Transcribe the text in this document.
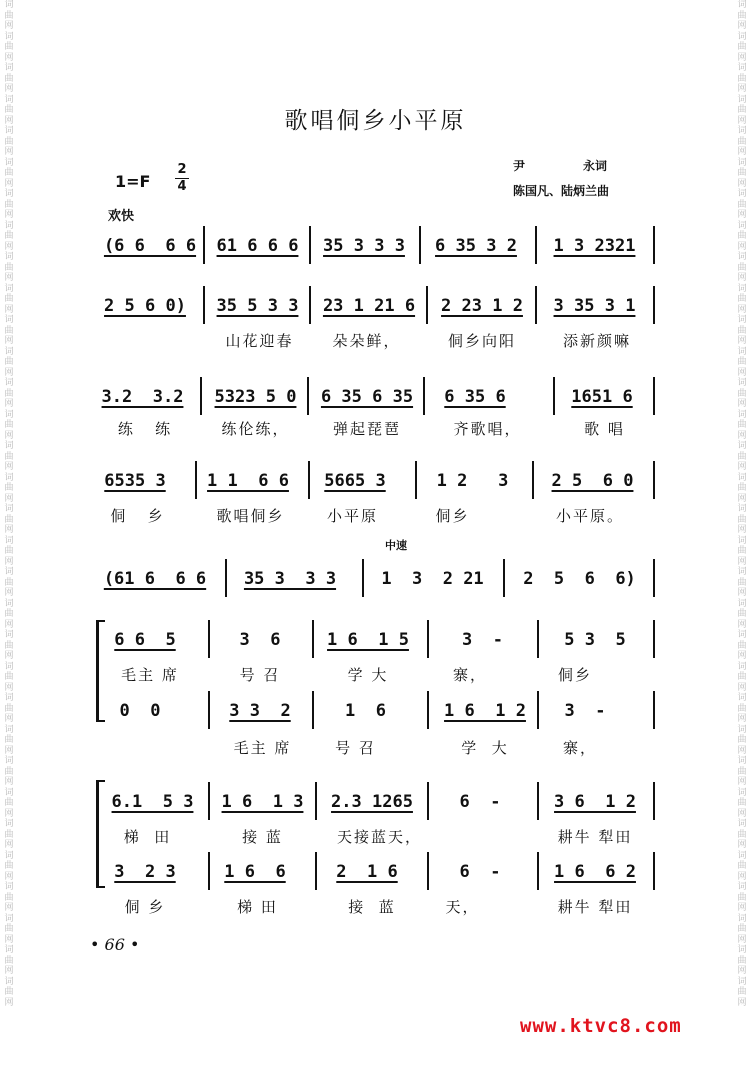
词曲网词曲网词曲网词曲网词曲网词曲网词曲网词曲网词曲网词曲网词曲网词曲网词曲网词曲网词曲网词曲网词曲网词曲网词曲网词曲网词曲网词曲网词曲网词曲网词曲网词曲网词曲网词曲网词曲网词曲网词曲网词曲网
词曲网词曲网词曲网词曲网词曲网词曲网词曲网词曲网词曲网词曲网词曲网词曲网词曲网词曲网词曲网词曲网词曲网词曲网词曲网词曲网词曲网词曲网词曲网词曲网词曲网词曲网词曲网词曲网词曲网词曲网词曲网词曲网
歌唱侗乡小平原
1=F
2
4
尹	永词
陈国凡、陆炳兰曲
欢快
中速
(6 6  6 6	61 6 6 6	35 3 3 3	6 35 3 2	1 3 2321
2 5 6 0)	35 5 3 3	23 1 21 6	2 23 1 2	3 35 3 1
山花迎春	朵朵鲜，	侗乡向阳	添新颜嘛
3.2  3.2	5323 5 0	6 35 6 35	6 35 6	1651 6
练   练	练伦练，	弹起琵琶	齐歌唱，	歌 唱
6535 3 1 1  6 6	5665 3	1 2   3	2 5  6 0
侗   乡	歌唱侗乡	小平原	侗乡	小平原。
(61 6  6 6	35 3  3 3	1  3  2 21	2  5  6  6)
6 6  5	3  6	1 6  1 5	3  -	5 3  5
毛主 席	号 召	学 大	寨，	侗乡
0  0	3 3  2	1  6	1 6  1 2	3  -
毛主 席	号 召	学  大	寨，
6.1  5 3	1 6  1 3	2.3 1265	6  -	3 6  1 2
梯  田	接 蓝	天接蓝天，	耕牛 犁田
3  2 3	1 6  6	2  1 6	6  -	1 6  6 2
侗 乡	梯 田	接  蓝	天，	耕牛 犁田
• 66 •
www.ktvc8.com
